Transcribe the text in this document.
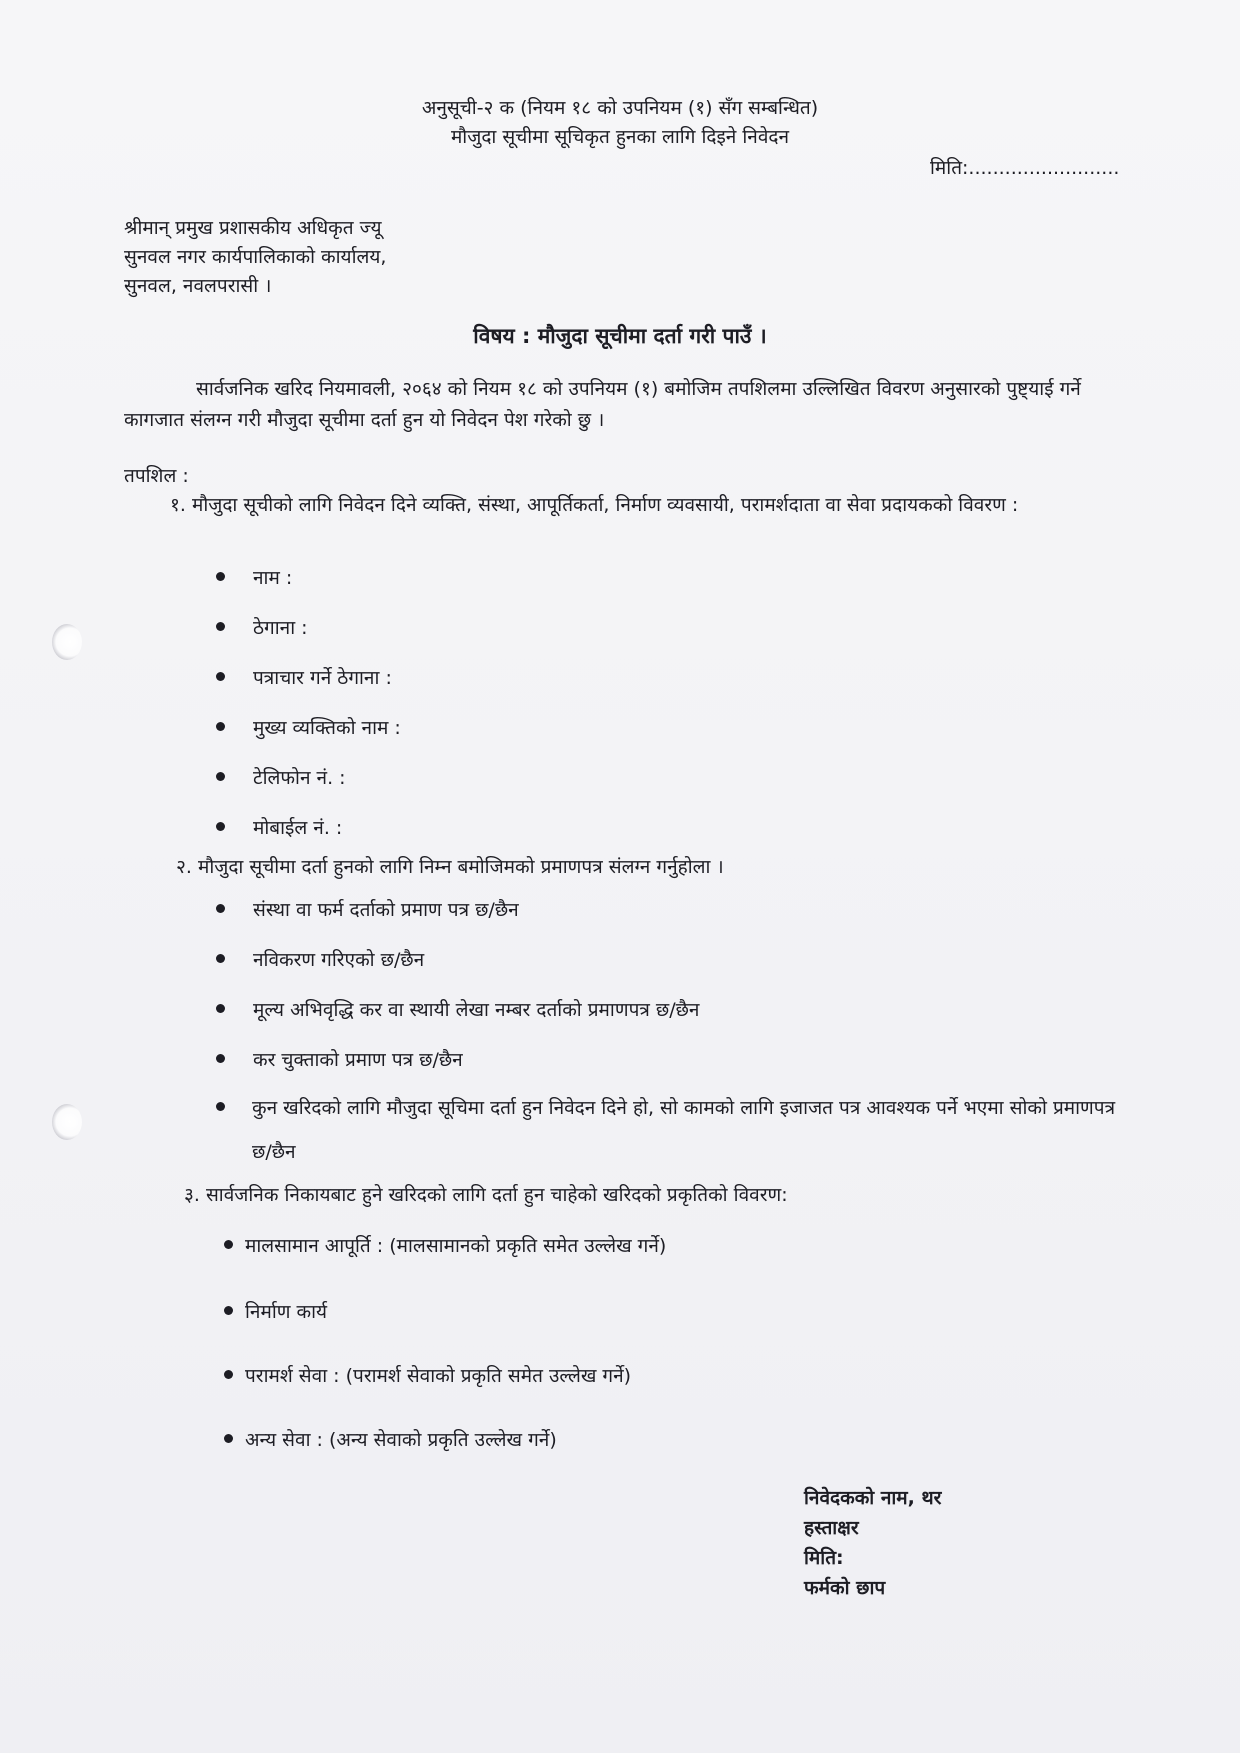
अनुसूची-२ क (नियम १८ को उपनियम (१) सँग सम्बन्धित)
मौजुदा सूचीमा सूचिकृत हुनका लागि दिइने निवेदन
मिति:.........................
श्रीमान् प्रमुख प्रशासकीय अधिकृत ज्यू
सुनवल नगर कार्यपालिकाको कार्यालय,
सुनवल, नवलपरासी ।
विषय : मौजुदा सूचीमा दर्ता गरी पाउँ ।
सार्वजनिक खरिद नियमावली, २०६४ को नियम १८ को उपनियम (१) बमोजिम तपशिलमा उल्लिखित विवरण अनुसारको पुष्ट्याई गर्ने कागजात संलग्न गरी मौजुदा सूचीमा दर्ता हुन यो निवेदन पेश गरेको छु ।
तपशिल :
१. मौजुदा सूचीको लागि निवेदन दिने व्यक्ति, संस्था, आपूर्तिकर्ता, निर्माण व्यवसायी, परामर्शदाता वा सेवा प्रदायकको विवरण :
नाम :
ठेगाना :
पत्राचार गर्ने ठेगाना :
मुख्य व्यक्तिको नाम :
टेलिफोन नं. :
मोबाईल नं. :
२. मौजुदा सूचीमा दर्ता हुनको लागि निम्न बमोजिमको प्रमाणपत्र संलग्न गर्नुहोला ।
संस्था वा फर्म दर्ताको प्रमाण पत्र छ/छैन
नविकरण गरिएको छ/छैन
मूल्य अभिवृद्धि कर वा स्थायी लेखा नम्बर दर्ताको प्रमाणपत्र छ/छैन
कर चुक्ताको प्रमाण पत्र छ/छैन
कुन खरिदको लागि मौजुदा सूचिमा दर्ता हुन निवेदन दिने हो, सो कामको लागि इजाजत पत्र आवश्यक पर्ने भएमा सोको प्रमाणपत्र छ/छैन
३. सार्वजनिक निकायबाट हुने खरिदको लागि दर्ता हुन चाहेको खरिदको प्रकृतिको विवरण:
मालसामान आपूर्ति : (मालसामानको प्रकृति समेत उल्लेख गर्ने)
निर्माण कार्य
परामर्श सेवा : (परामर्श सेवाको प्रकृति समेत उल्लेख गर्ने)
अन्य सेवा : (अन्य सेवाको प्रकृति उल्लेख गर्ने)
निवेदकको नाम, थर
हस्ताक्षर
मिति:
फर्मको छाप
